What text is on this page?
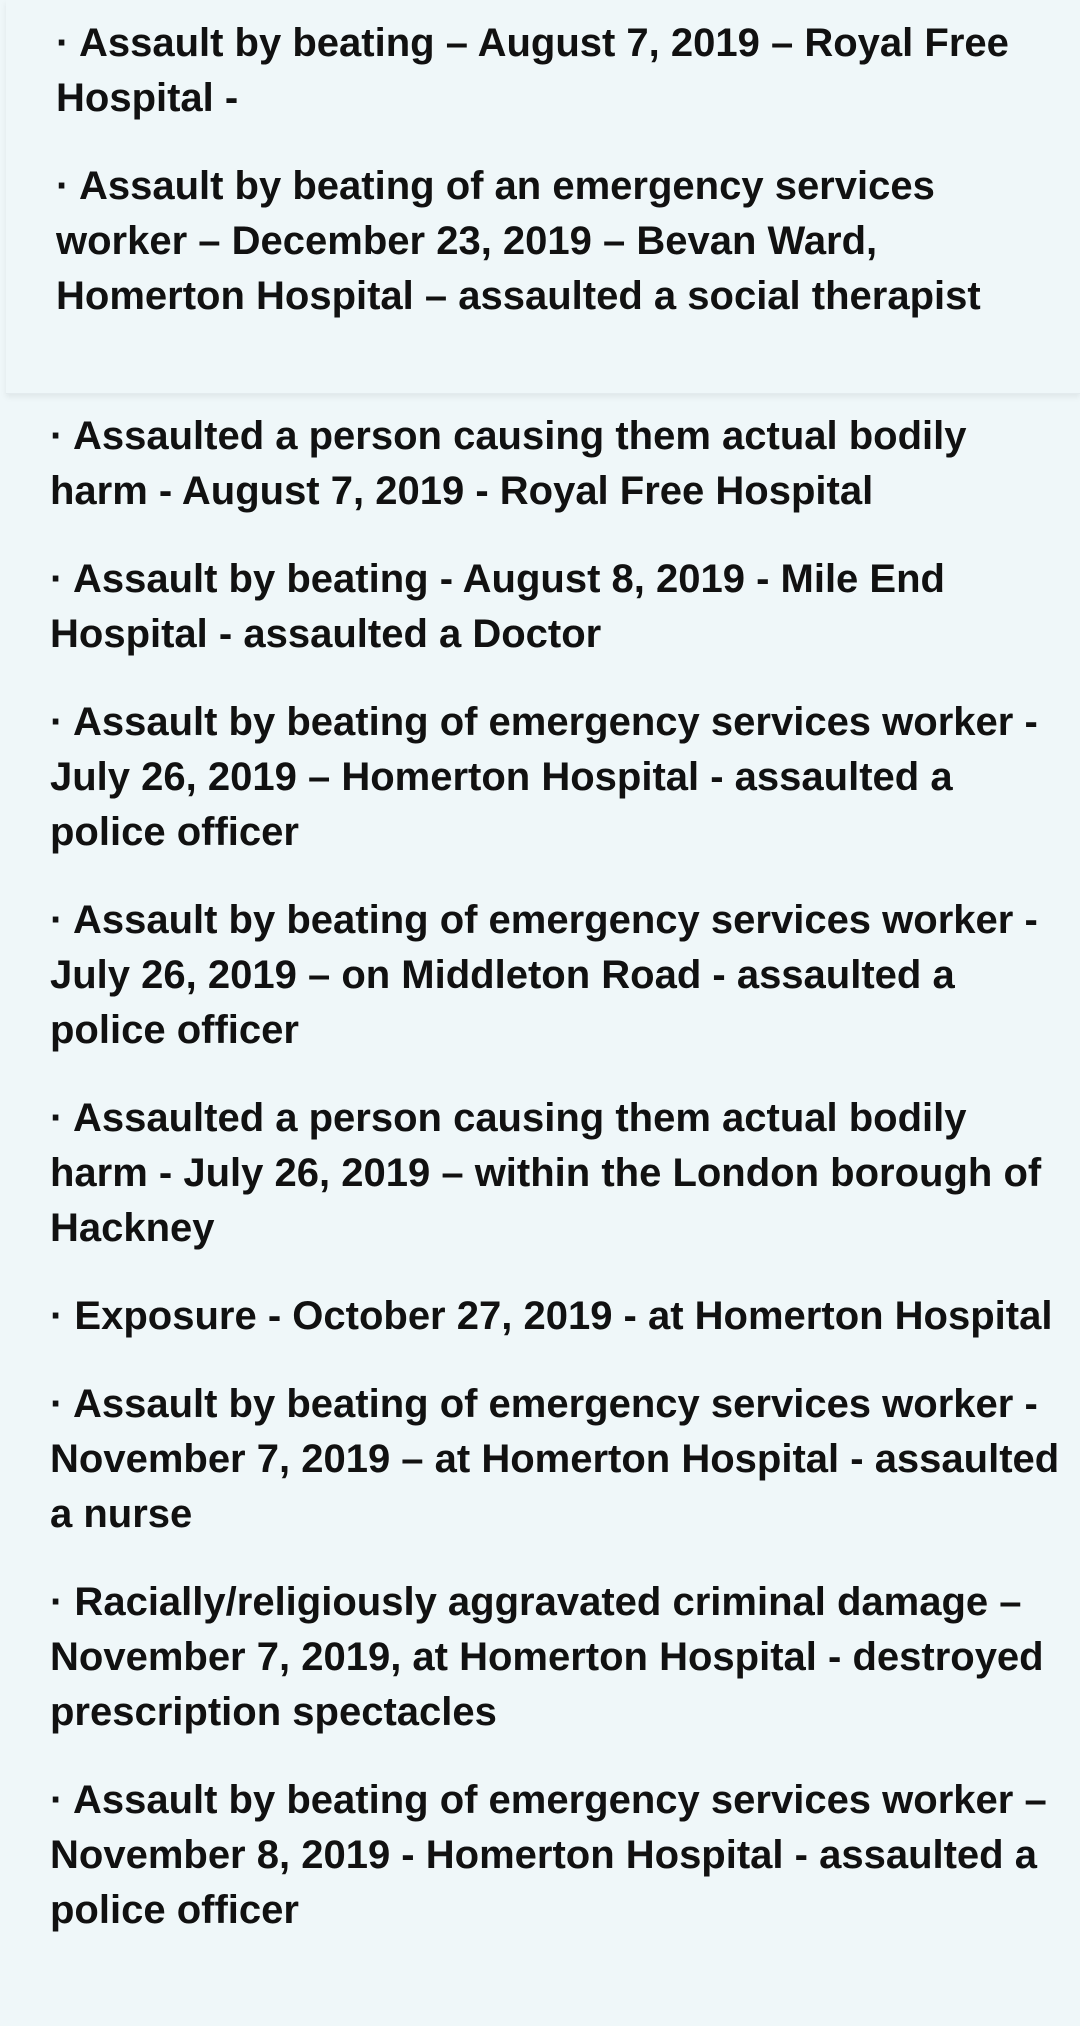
· Assault by beating – August 7, 2019 – Royal Free Hospital -
· Assault by beating of an emergency services worker – December 23, 2019 – Bevan Ward, Homerton Hospital – assaulted a social therapist
· Assaulted a person causing them actual bodily harm - August 7, 2019 - Royal Free Hospital
· Assault by beating - August 8, 2019 - Mile End Hospital - assaulted a Doctor
· Assault by beating of emergency services worker - July 26, 2019 – Homerton Hospital - assaulted a police officer
· Assault by beating of emergency services worker - July 26, 2019 – on Middleton Road - assaulted a police officer
· Assaulted a person causing them actual bodily harm - July 26, 2019 – within the London borough of Hackney
· Exposure - October 27, 2019 - at Homerton Hospital
· Assault by beating of emergency services worker - November 7, 2019 – at Homerton Hospital - assaulted a nurse
· Racially/religiously aggravated criminal damage – November 7, 2019, at Homerton Hospital - destroyed prescription spectacles
· Assault by beating of emergency services worker – November 8, 2019 - Homerton Hospital - assaulted a police officer
